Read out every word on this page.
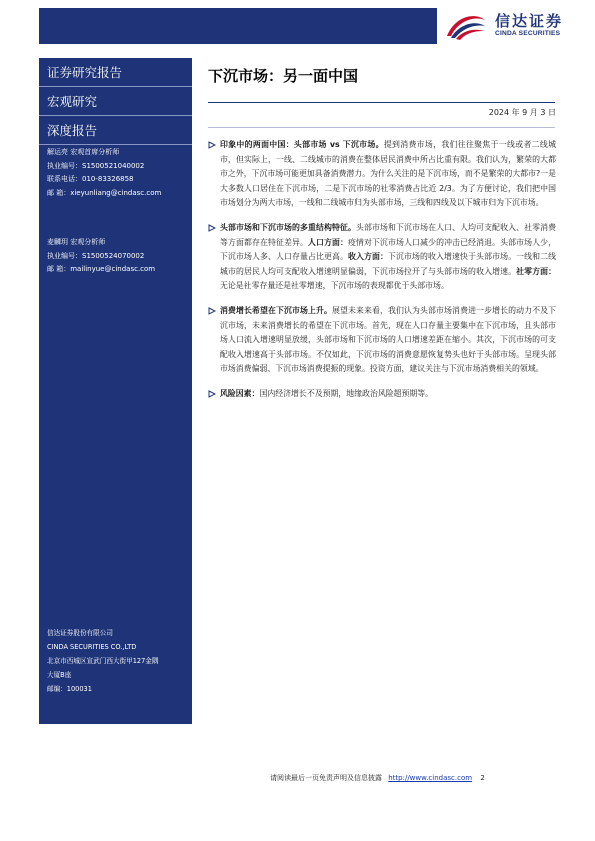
信达证券
CINDA SECURITIES
证券研究报告
宏观研究
深度报告
解运亮 宏观首席分析师
执业编号：S1500521040002
联系电话：010-83326858
邮 箱：xieyunliang@cindasc.com
麦麟玥 宏观分析师
执业编号：S1500524070002
邮 箱：mailinyue@cindasc.com
信达证券股份有限公司
CINDA SECURITIES CO.,LTD
北京市西城区宣武门西大街甲127金隅
大厦B座
邮编：100031
下沉市场：另一面中国
2024 年 9 月 3 日
印象中的两面中国：头部市场 vs 下沉市场。提到消费市场，我们往往聚焦于一线或者二线城市，但实际上，一线、二线城市的消费在整体居民消费中所占比重有限。我们认为，繁荣的大都市之外，下沉市场可能更加具备消费潜力。为什么关注的是下沉市场，而不是繁荣的大都市?一是大多数人口居住在下沉市场，二是下沉市场的社零消费占比近 2/3。为了方便讨论，我们把中国市场划分为两大市场，一线和二线城市归为头部市场，三线和四线及以下城市归为下沉市场。
头部市场和下沉市场的多重结构特征。头部市场和下沉市场在人口、人均可支配收入、社零消费等方面都存在特征差异。人口方面：疫情对下沉市场人口减少的冲击已经消退。头部市场人少，下沉市场人多、人口存量占比更高。收入方面：下沉市场的收入增速快于头部市场。一线和二线城市的居民人均可支配收入增速明显偏弱，下沉市场拉开了与头部市场的收入增速。社零方面：无论是社零存量还是社零增速，下沉市场的表现都优于头部市场。
消费增长希望在下沉市场上升。展望未来来看，我们认为头部市场消费进一步增长的动力不及下沉市场，未来消费增长的希望在下沉市场。首先，现在人口存量主要集中在下沉市场，且头部市场人口流入增速明显放缓，头部市场和下沉市场的人口增速差距在缩小。其次，下沉市场的可支配收入增速高于头部市场。不仅如此，下沉市场的消费意愿恢复势头也好于头部市场。呈现头部市场消费偏弱、下沉市场消费提振的现象。投资方面，建议关注与下沉市场消费相关的领域。
风险因素：国内经济增长不及预期，地缘政治风险超预期等。
请阅读最后一页免责声明及信息披露 http://www.cindasc.com 2
